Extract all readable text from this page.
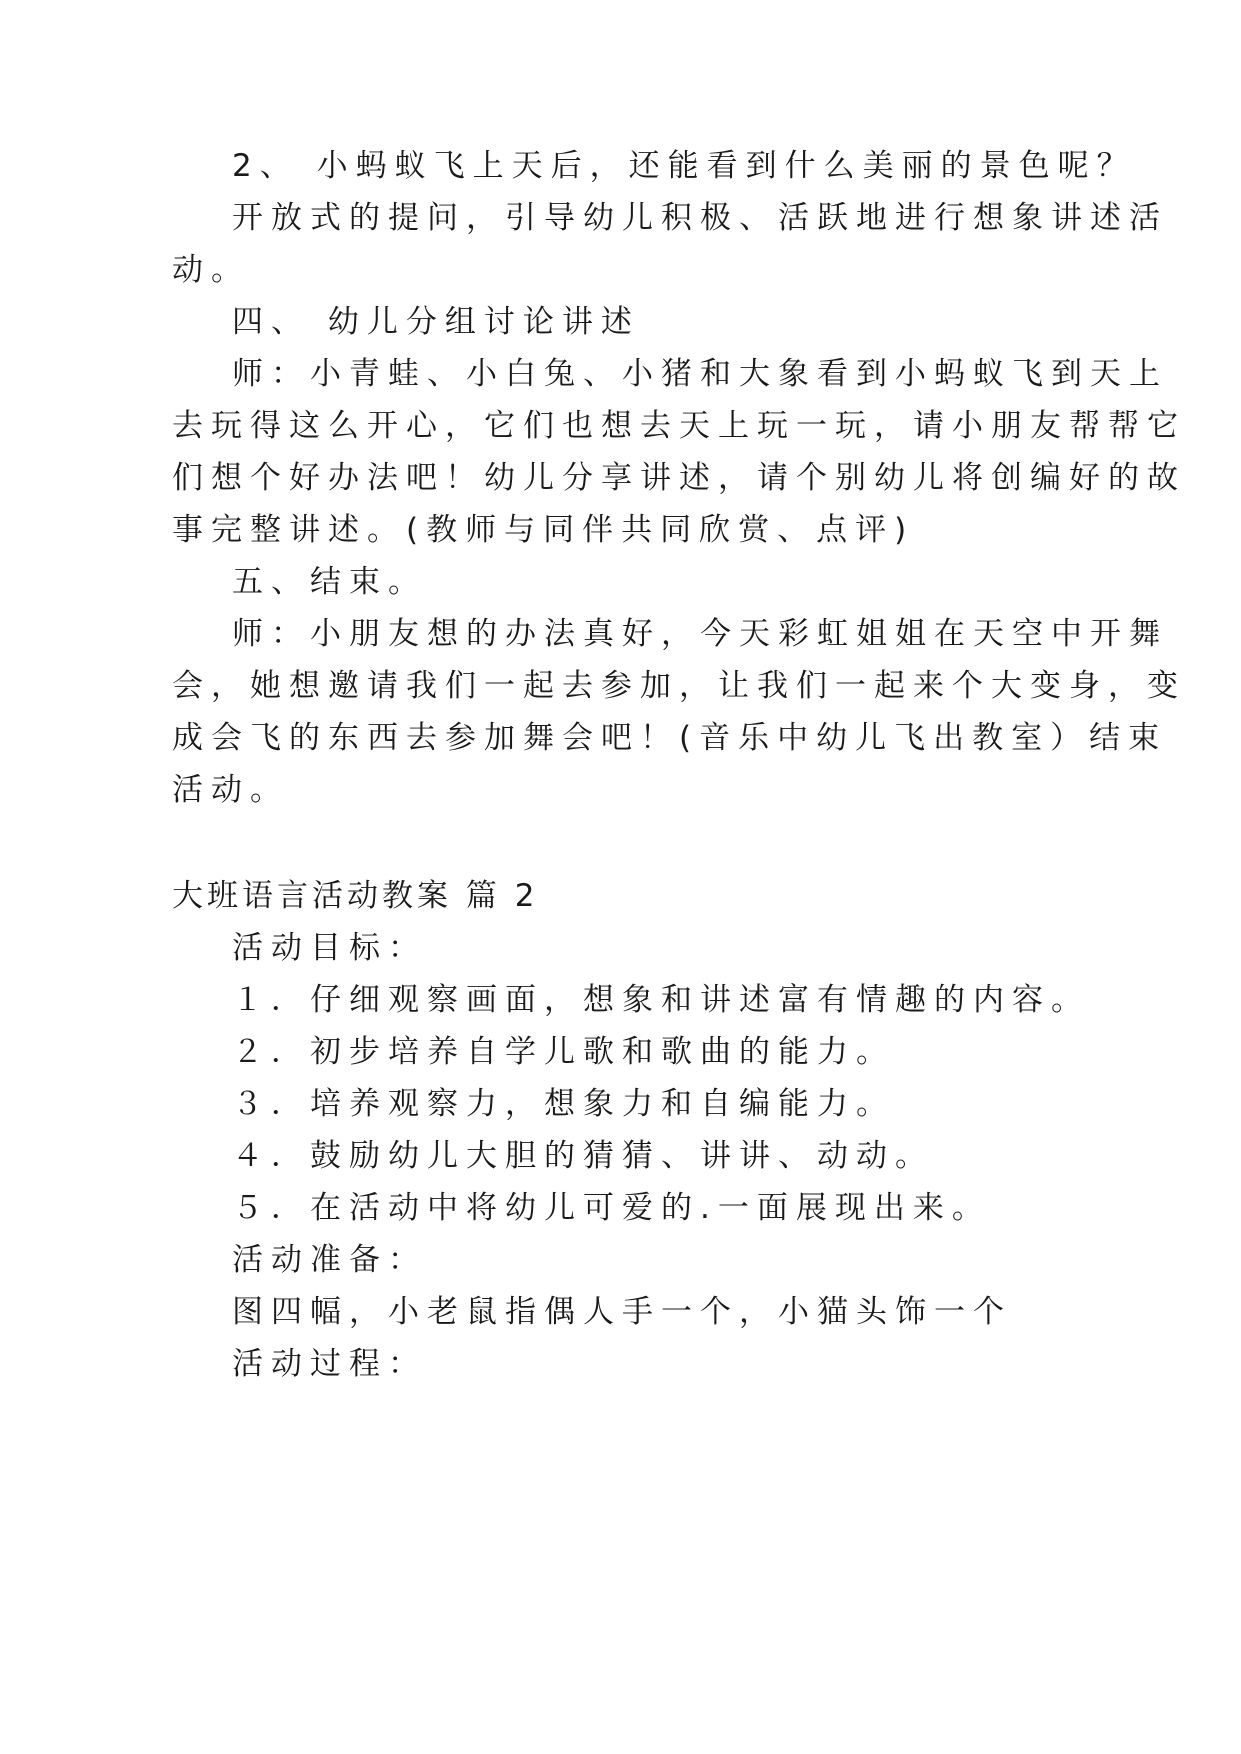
2、 小蚂蚁飞上天后，还能看到什么美丽的景色呢？
开放式的提问，引导幼儿积极、活跃地进行想象讲述活
动。
四、 幼儿分组讨论讲述
师：小青蛙、小白兔、小猪和大象看到小蚂蚁飞到天上
去玩得这么开心，它们也想去天上玩一玩，请小朋友帮帮它
们想个好办法吧！幼儿分享讲述，请个别幼儿将创编好的故
事完整讲述。(教师与同伴共同欣赏、点评)
五、结束。
师：小朋友想的办法真好，今天彩虹姐姐在天空中开舞
会，她想邀请我们一起去参加，让我们一起来个大变身，变
成会飞的东西去参加舞会吧！(音乐中幼儿飞出教室）结束
活动。
大班语言活动教案 篇 2
活动目标：
１．仔细观察画面，想象和讲述富有情趣的内容。
２．初步培养自学儿歌和歌曲的能力。
３．培养观察力，想象力和自编能力。
４．鼓励幼儿大胆的猜猜、讲讲、动动。
５．在活动中将幼儿可爱的.一面展现出来。
活动准备：
图四幅，小老鼠指偶人手一个，小猫头饰一个
活动过程：
